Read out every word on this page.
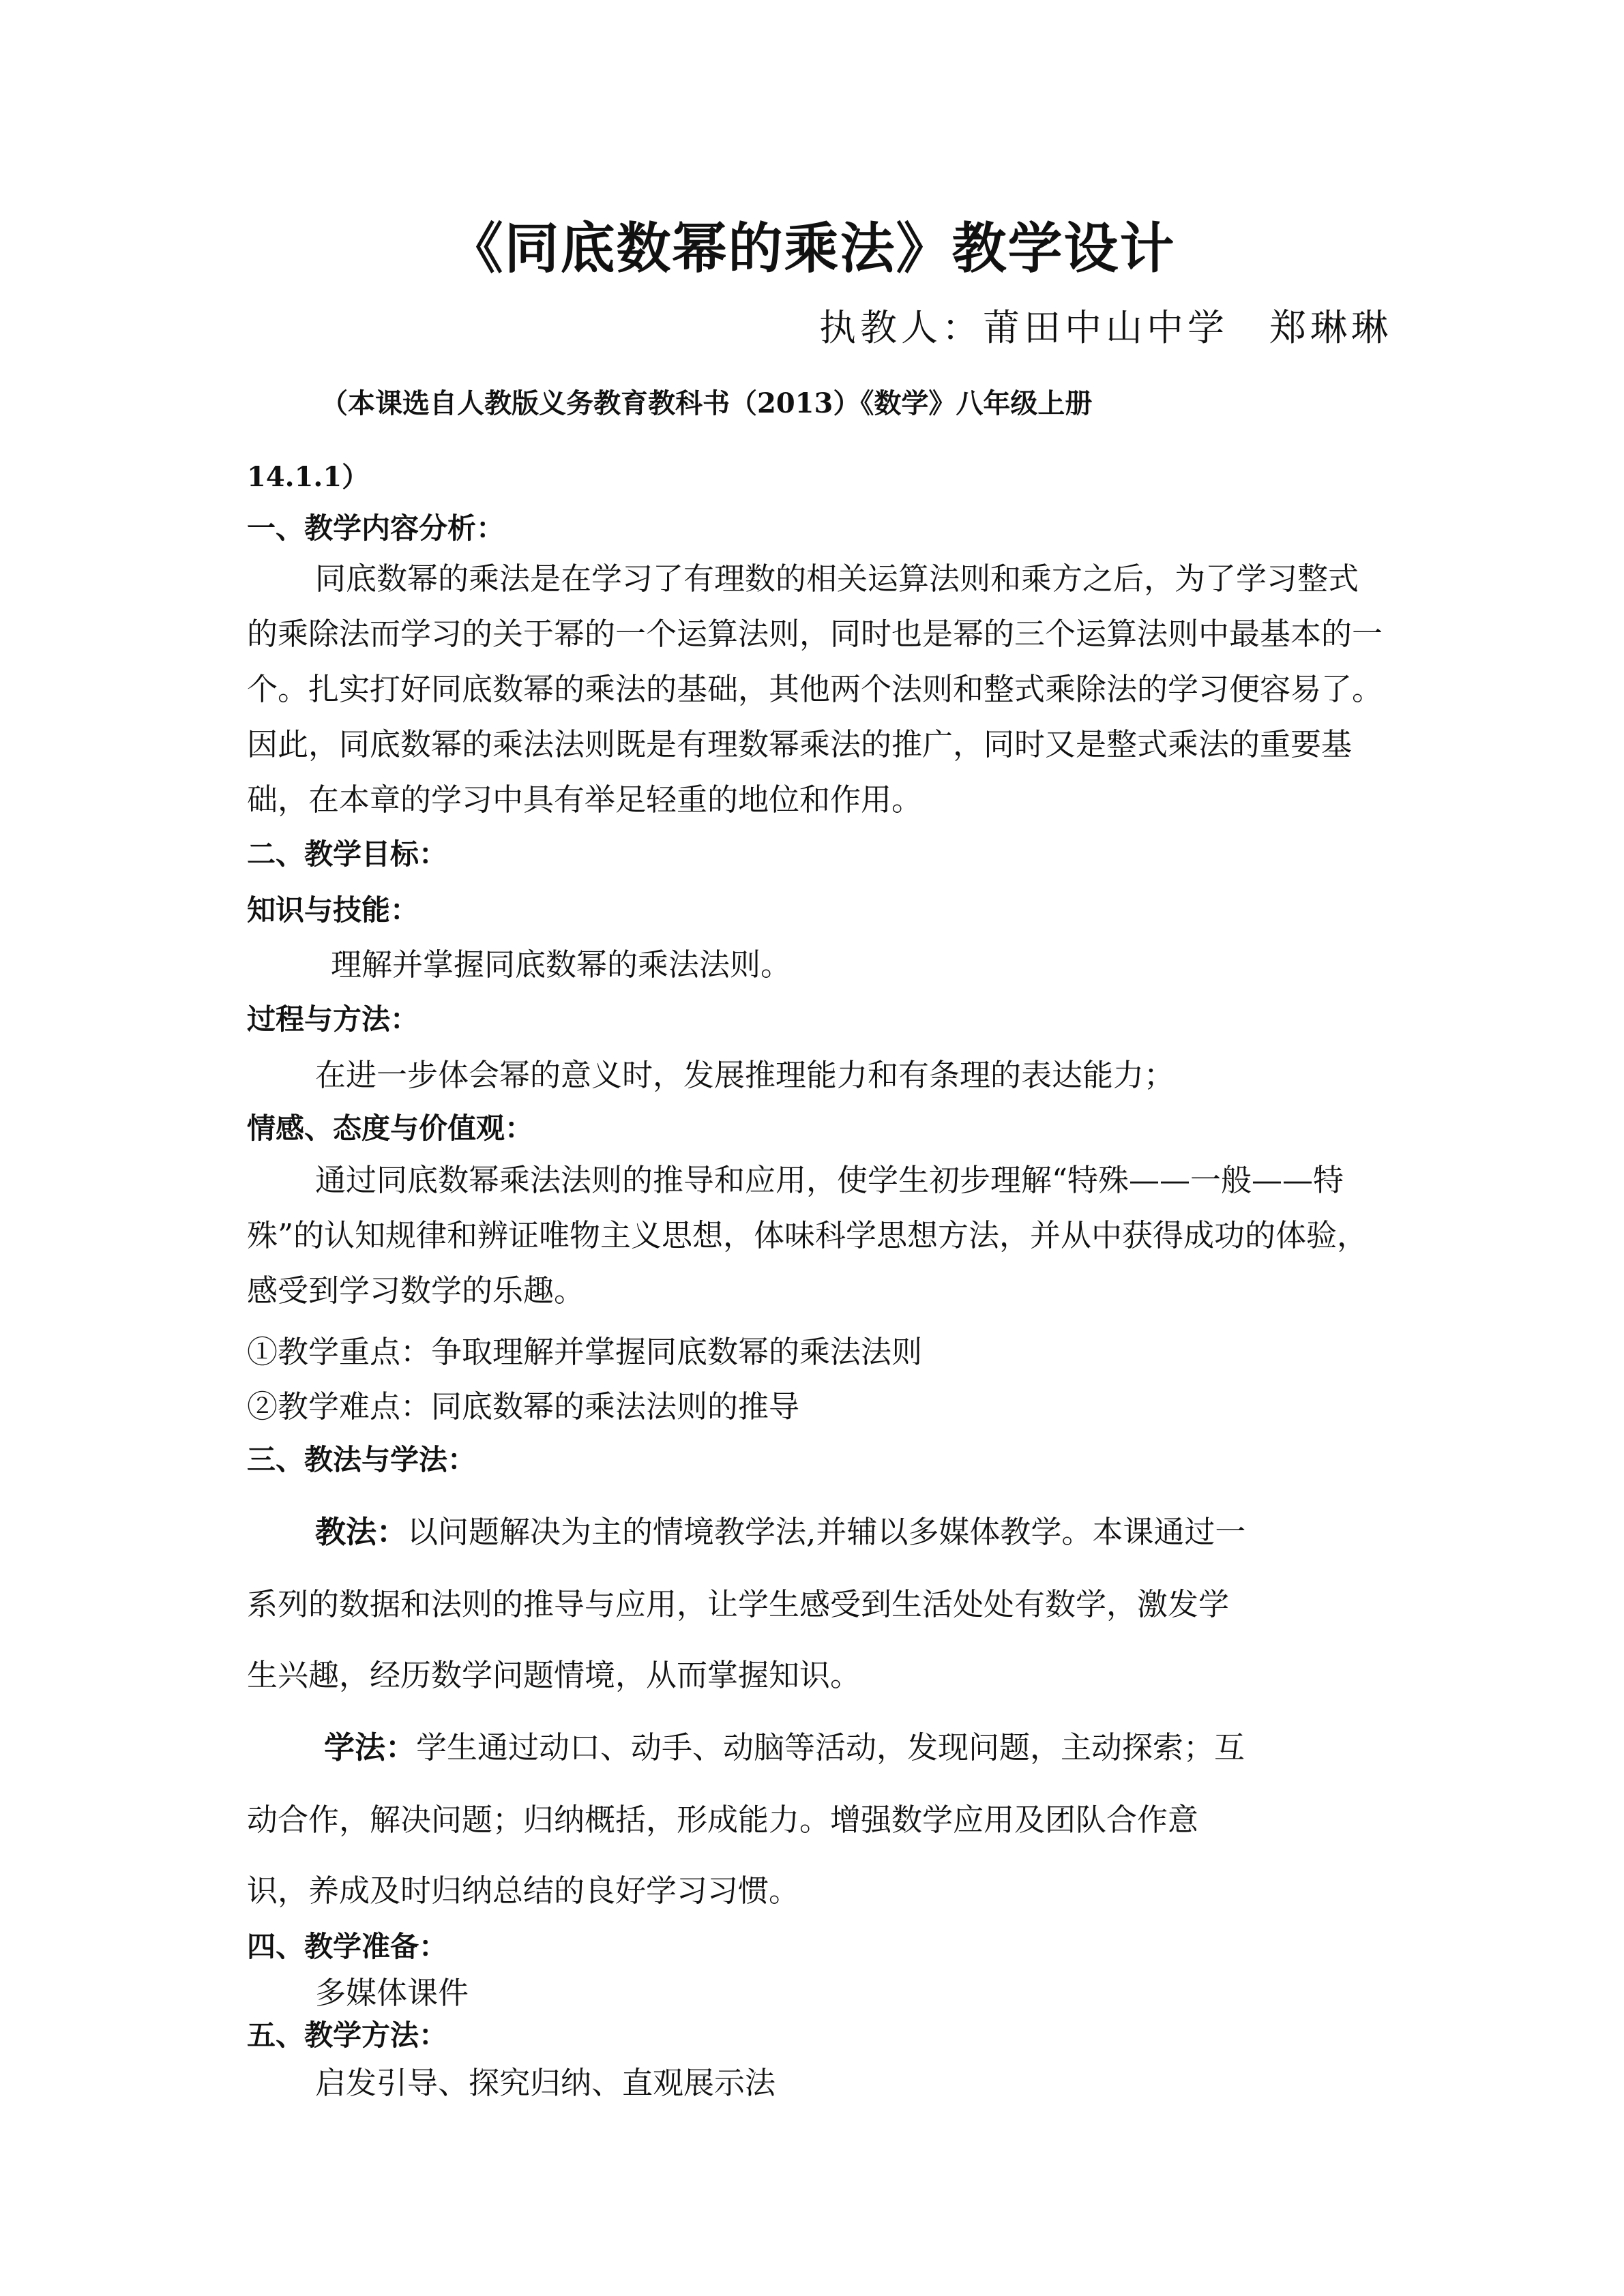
《同底数幂的乘法》教学设计
执教人：莆田中山中学 郑琳琳
（本课选自人教版义务教育教科书（2013）《数学》八年级上册
14.1.1）
一、教学内容分析：
同底数幂的乘法是在学习了有理数的相关运算法则和乘方之后，为了学习整式的乘除法而学习的关于幂的一个运算法则，同时也是幂的三个运算法则中最基本的一个。扎实打好同底数幂的乘法的基础，其他两个法则和整式乘除法的学习便容易了。因此，同底数幂的乘法法则既是有理数幂乘法的推广，同时又是整式乘法的重要基础，在本章的学习中具有举足轻重的地位和作用。
二、教学目标：
知识与技能：
理解并掌握同底数幂的乘法法则。
过程与方法：
在进一步体会幂的意义时，发展推理能力和有条理的表达能力；
情感、态度与价值观：
通过同底数幂乘法法则的推导和应用，使学生初步理解“特殊——一般——特殊”的认知规律和辨证唯物主义思想，体味科学思想方法，并从中获得成功的体验，感受到学习数学的乐趣。
①教学重点：争取理解并掌握同底数幂的乘法法则
②教学难点：同底数幂的乘法法则的推导
三、教法与学法：
教法：以问题解决为主的情境教学法,并辅以多媒体教学。本课通过一
系列的数据和法则的推导与应用，让学生感受到生活处处有数学，激发学
生兴趣，经历数学问题情境，从而掌握知识。
学法：学生通过动口、动手、动脑等活动，发现问题，主动探索；互
动合作，解决问题；归纳概括，形成能力。增强数学应用及团队合作意
识，养成及时归纳总结的良好学习习惯。
四、教学准备：
多媒体课件
五、教学方法：
启发引导、探究归纳、直观展示法
